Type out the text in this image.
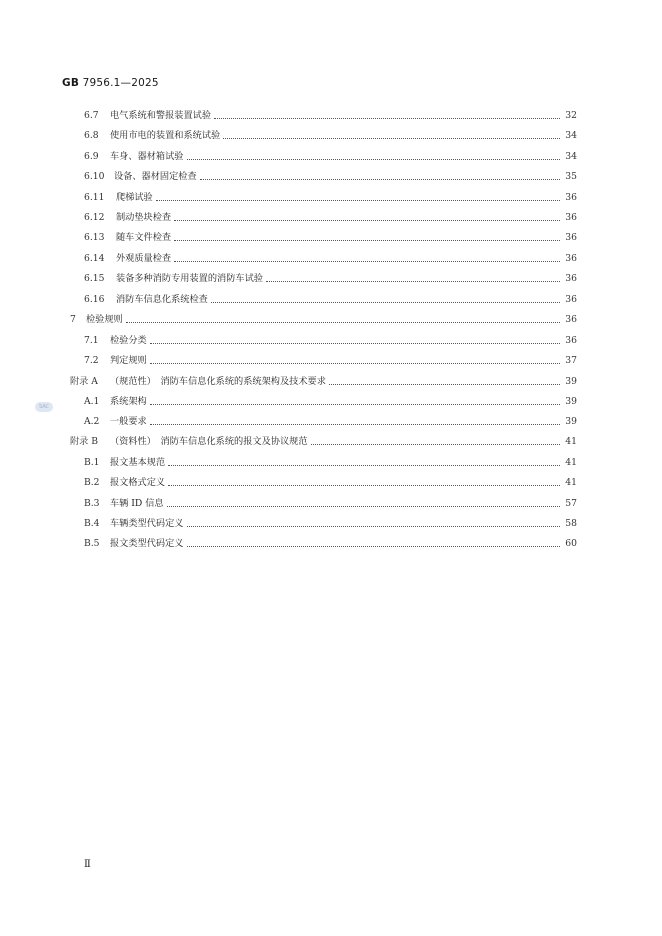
GB 7956.1—2025
SAC
6.7	电气系统和警报装置试验	32
6.8	使用市电的装置和系统试验	34
6.9	车身、器材箱试验	34
6.10	设备、器材固定检查	35
6.11	爬梯试验	36
6.12	制动垫块检查	36
6.13	随车文件检查	36
6.14	外观质量检查	36
6.15	装备多种消防专用装置的消防车试验	36
6.16	消防车信息化系统检查	36
7	检验规则	36
7.1	检验分类	36
7.2	判定规则	37
附录 A	（规范性）　消防车信息化系统的系统架构及技术要求	39
A.1	系统架构	39
A.2	一般要求	39
附录 B	（资料性）　消防车信息化系统的报文及协议规范	41
B.1	报文基本规范	41
B.2	报文格式定义	41
B.3	车辆 ID 信息	57
B.4	车辆类型代码定义	58
B.5	报文类型代码定义	60
Ⅱ
